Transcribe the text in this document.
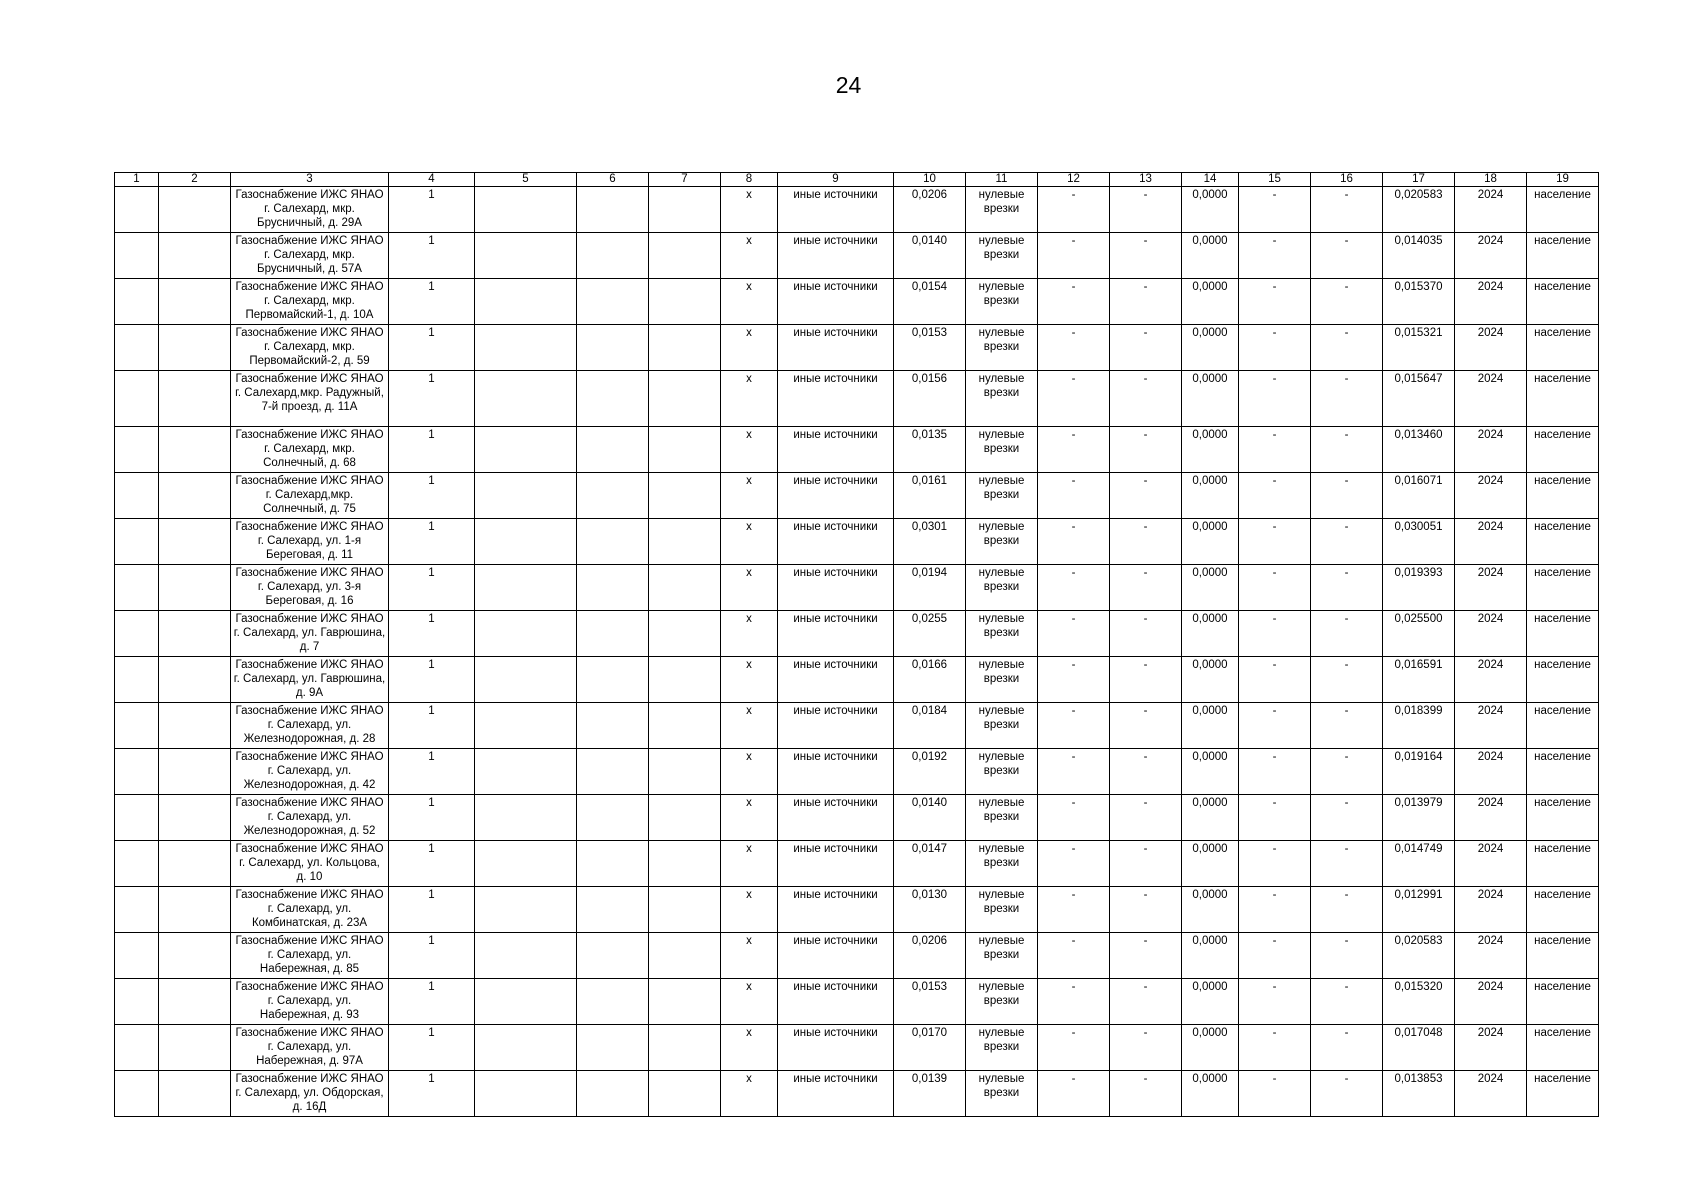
24
1	2	3	4	5	6	7	8	9	10	11	12	13	14	15	16	17	18	19
		Газоснабжение ИЖС ЯНАО г. Салехард, мкр. Брусничный, д. 29А	1				x	иные источники	0,0206	нулевые врезки	-	-	0,0000	-	-	0,020583	2024	население
		Газоснабжение ИЖС ЯНАО г. Салехард, мкр. Брусничный, д. 57А	1				x	иные источники	0,0140	нулевые врезки	-	-	0,0000	-	-	0,014035	2024	население
		Газоснабжение ИЖС ЯНАО г. Салехард, мкр. Первомайский-1, д. 10А	1				x	иные источники	0,0154	нулевые врезки	-	-	0,0000	-	-	0,015370	2024	население
		Газоснабжение ИЖС ЯНАО г. Салехард, мкр. Первомайский-2, д. 59	1				x	иные источники	0,0153	нулевые врезки	-	-	0,0000	-	-	0,015321	2024	население
		Газоснабжение ИЖС ЯНАО г. Салехард,мкр. Радужный, 7-й проезд, д. 11А	1				x	иные источники	0,0156	нулевые врезки	-	-	0,0000	-	-	0,015647	2024	население
		Газоснабжение ИЖС ЯНАО г. Салехард, мкр. Солнечный, д. 68	1				x	иные источники	0,0135	нулевые врезки	-	-	0,0000	-	-	0,013460	2024	население
		Газоснабжение ИЖС ЯНАО г. Салехард,мкр. Солнечный, д. 75	1				x	иные источники	0,0161	нулевые врезки	-	-	0,0000	-	-	0,016071	2024	население
		Газоснабжение ИЖС ЯНАО г. Салехард, ул. 1-я Береговая, д. 11	1				x	иные источники	0,0301	нулевые врезки	-	-	0,0000	-	-	0,030051	2024	население
		Газоснабжение ИЖС ЯНАО г. Салехард, ул. 3-я Береговая, д. 16	1				x	иные источники	0,0194	нулевые врезки	-	-	0,0000	-	-	0,019393	2024	население
		Газоснабжение ИЖС ЯНАО г. Салехард, ул. Гаврюшина, д. 7	1				x	иные источники	0,0255	нулевые врезки	-	-	0,0000	-	-	0,025500	2024	население
		Газоснабжение ИЖС ЯНАО г. Салехард, ул. Гаврюшина, д. 9А	1				x	иные источники	0,0166	нулевые врезки	-	-	0,0000	-	-	0,016591	2024	население
		Газоснабжение ИЖС ЯНАО г. Салехард, ул. Железнодорожная, д. 28	1				x	иные источники	0,0184	нулевые врезки	-	-	0,0000	-	-	0,018399	2024	население
		Газоснабжение ИЖС ЯНАО г. Салехард, ул. Железнодорожная, д. 42	1				x	иные источники	0,0192	нулевые врезки	-	-	0,0000	-	-	0,019164	2024	население
		Газоснабжение ИЖС ЯНАО г. Салехард, ул. Железнодорожная, д. 52	1				x	иные источники	0,0140	нулевые врезки	-	-	0,0000	-	-	0,013979	2024	население
		Газоснабжение ИЖС ЯНАО г. Салехард, ул. Кольцова, д. 10	1				x	иные источники	0,0147	нулевые врезки	-	-	0,0000	-	-	0,014749	2024	население
		Газоснабжение ИЖС ЯНАО г. Салехард, ул. Комбинатская, д. 23А	1				x	иные источники	0,0130	нулевые врезки	-	-	0,0000	-	-	0,012991	2024	население
		Газоснабжение ИЖС ЯНАО г. Салехард, ул. Набережная, д. 85	1				x	иные источники	0,0206	нулевые врезки	-	-	0,0000	-	-	0,020583	2024	население
		Газоснабжение ИЖС ЯНАО г. Салехард, ул. Набережная, д. 93	1				x	иные источники	0,0153	нулевые врезки	-	-	0,0000	-	-	0,015320	2024	население
		Газоснабжение ИЖС ЯНАО г. Салехард, ул. Набережная, д. 97А	1				x	иные источники	0,0170	нулевые врезки	-	-	0,0000	-	-	0,017048	2024	население
		Газоснабжение ИЖС ЯНАО г. Салехард, ул. Обдорская, д. 16Д	1				x	иные источники	0,0139	нулевые врезки	-	-	0,0000	-	-	0,013853	2024	население
